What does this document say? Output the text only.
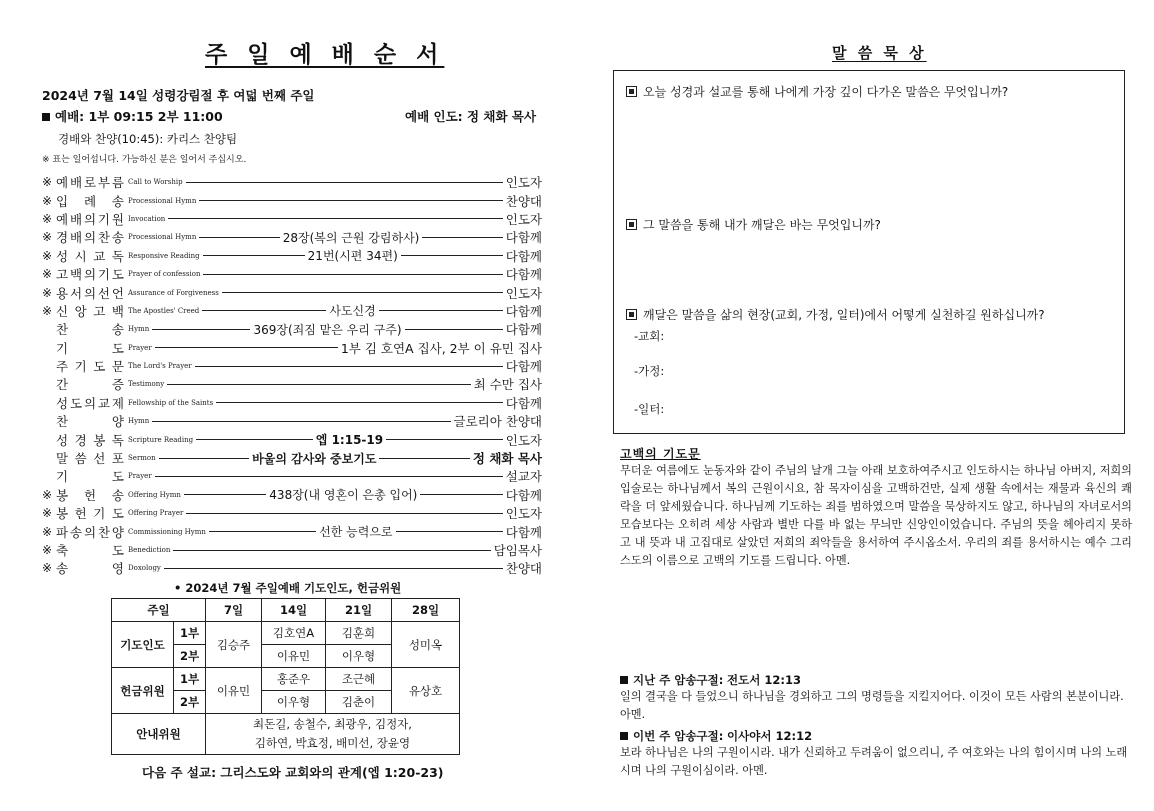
주 일 예 배 순 서
2024년 7월 14일 성령강림절 후 여덟 번째 주일
예배: 1부 09:15 2부 11:00	예배 인도: 정 채화 목사
경배와 찬양(10:45): 카리스 찬양팀
※ 표는 일어섭니다. 가능하신 분은 일어서 주십시오.
※ 예 배 로 부 름 Call to Worship	인도자
※ 입 례 송 Processional Hymn	찬양대
※ 예 배 의 기 원 Invocation	인도자
※ 경 배 의 찬 송 Processional Hymn	28장(복의 근원 강림하사)	다함께
※ 성 시 교 독 Responsive Reading	21번(시편 34편)	다함께
※ 고 백 의 기 도 Prayer of confession	다함께
※ 용 서 의 선 언 Assurance of Forgiveness	인도자
※ 신 앙 고 백 The Apostles' Creed	사도신경	다함께
찬	송 Hymn	369장(죄짐 맡은 우리 구주)	다함께
기	도 Prayer	1부 김 호연A 집사, 2부 이 유민 집사
주 기 도 문 The Lord's Prayer	다함께
간	증 Testimony	최 수만 집사
성 도 의 교 제 Fellowship of the Saints	다함께
찬	양 Hymn	글로리아 찬양대
성 경 봉 독 Scripture Reading	엡 1:15-19	인도자
말 씀 선 포 Sermon	바울의 감사와 중보기도	정 채화 목사
기	도 Prayer	설교자
※ 봉 헌 송 Offering Hymn	438장(내 영혼이 은총 입어)	다함께
※ 봉 헌 기 도 Offering Prayer	인도자
※ 파 송 의 찬 양 Commissioning Hymn	선한 능력으로	다함께
※ 축	도 Benediction	담임목사
※ 송	영 Doxology	찬양대
• 2024년 7월 주일예배 기도인도, 헌금위원
주일		7일	14일	21일	28일
기도인도	1부	김승주	김호연A	김훈희	성미옥
	2부		이유민	이우형	
헌금위원	1부	이유민	홍준우	조근혜	유상호
	2부		이우형	김춘이	
안내위원		최돈길, 송철수, 최광우, 김정자,
김하연, 박효정, 배미선, 장윤영			
다음 주 설교: 그리스도와 교회와의 관계(엡 1:20-23)
말 씀 묵 상
오늘 성경과 설교를 통해 나에게 가장 깊이 다가온 말씀은 무엇입니까?
그 말씀을 통해 내가 깨달은 바는 무엇입니까?
깨달은 말씀을 삶의 현장(교회, 가정, 일터)에서 어떻게 실천하길 원하십니까?
-교회:
-가정:
-일터:
고백의 기도문
무더운 여름에도 눈동자와 같이 주님의 날개 그늘 아래 보호하여주시고 인도하시는 하나님 아버지, 저희의 입술로는 하나님께서 복의 근원이시요, 참 목자이심을 고백하건만, 실제 생활 속에서는 재물과 육신의 쾌락을 더 앞세웠습니다. 하나님께 기도하는 죄를 범하였으며 말씀을 묵상하지도 않고, 하나님의 자녀로서의 모습보다는 오히려 세상 사람과 별반 다를 바 없는 무늬만 신앙인이었습니다. 주님의 뜻을 헤아리지 못하고 내 뜻과 내 고집대로 살았던 저희의 죄악들을 용서하여 주시옵소서. 우리의 죄를 용서하시는 예수 그리스도의 이름으로 고백의 기도를 드립니다. 아멘.
지난 주 암송구절: 전도서 12:13
일의 결국을 다 들었으니 하나님을 경외하고 그의 명령들을 지킬지어다. 이것이 모든 사람의 본분이니라. 아멘.
이번 주 암송구절: 이사야서 12:12
보라 하나님은 나의 구원이시라. 내가 신뢰하고 두려움이 없으리니, 주 여호와는 나의 힘이시며 나의 노래시며 나의 구원이심이라. 아멘.
